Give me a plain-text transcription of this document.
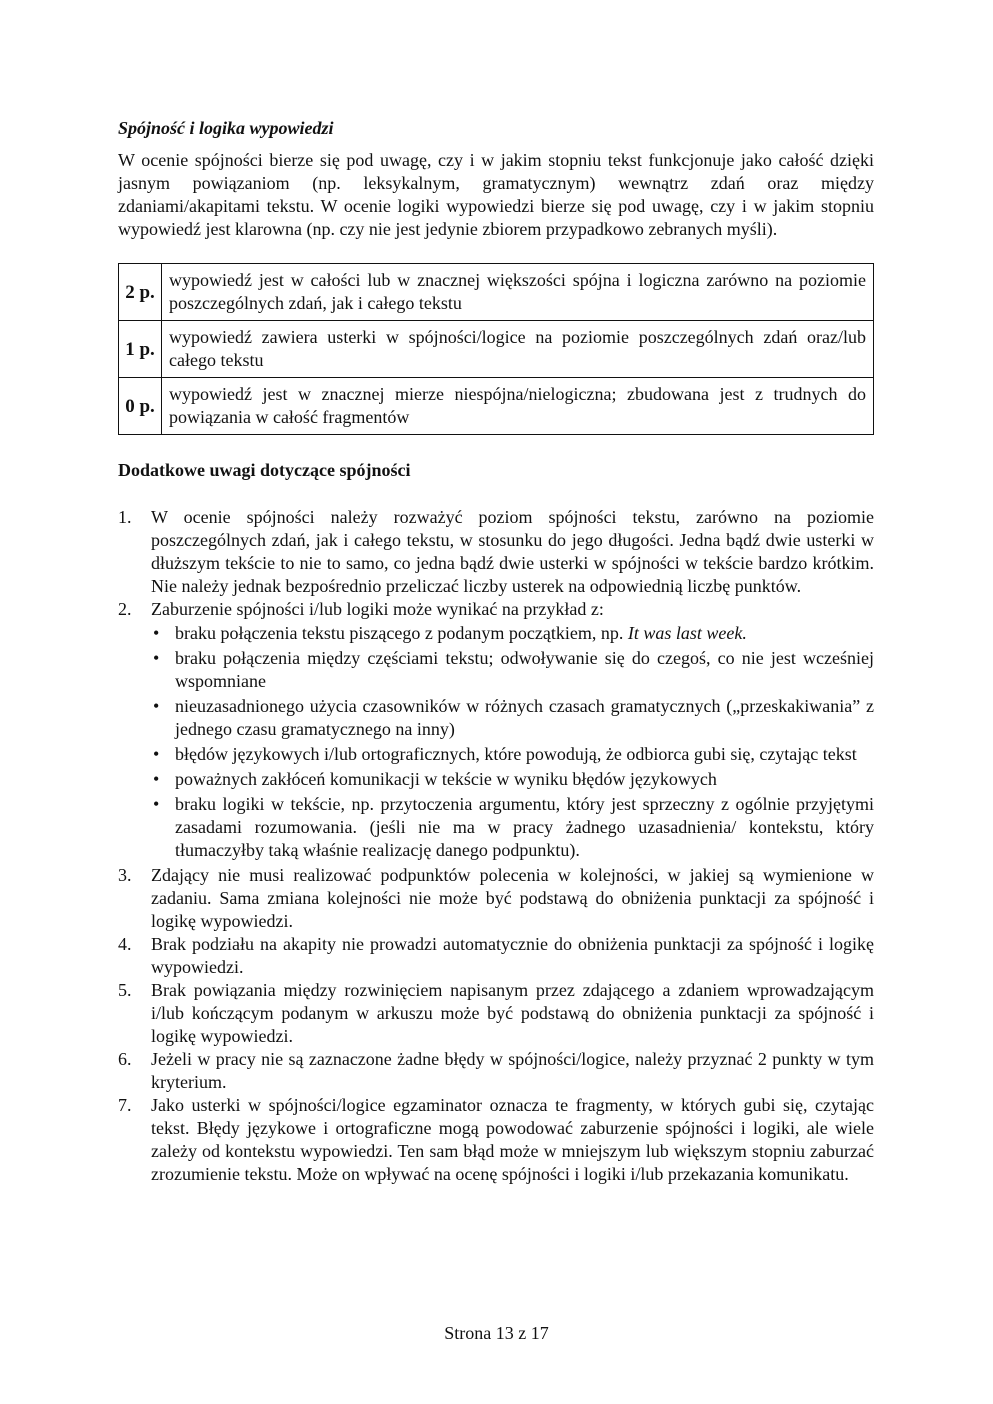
Spójność i logika wypowiedzi

W ocenie spójności bierze się pod uwagę, czy i w jakim stopniu tekst funkcjonuje jako całość dzięki jasnym powiązaniom (np. leksykalnym, gramatycznym) wewnątrz zdań oraz między zdaniami/akapitami tekstu. W ocenie logiki wypowiedzi bierze się pod uwagę, czy i w jakim stopniu wypowiedź jest klarowna (np. czy nie jest jedynie zbiorem przypadkowo zebranych myśli).

2 p.	wypowiedź jest w całości lub w znacznej większości spójna i logiczna zarówno na poziomie poszczególnych zdań, jak i całego tekstu
1 p.	wypowiedź zawiera usterki w spójności/logice na poziomie poszczególnych zdań oraz/lub całego tekstu
0 p.	wypowiedź jest w znacznej mierze niespójna/nielogiczna; zbudowana jest z trudnych do powiązania w całość fragmentów
Dodatkowe uwagi dotyczące spójności
1. W ocenie spójności należy rozważyć poziom spójności tekstu, zarówno na poziomie poszczególnych zdań, jak i całego tekstu, w stosunku do jego długości. Jedna bądź dwie usterki w dłuższym tekście to nie to samo, co jedna bądź dwie usterki w spójności w tekście bardzo krótkim. Nie należy jednak bezpośrednio przeliczać liczby usterek na odpowiednią liczbę punktów.
2. Zaburzenie spójności i/lub logiki może wynikać na przykład z:
• braku połączenia tekstu piszącego z podanym początkiem, np. It was last week.
• braku połączenia między częściami tekstu; odwoływanie się do czegoś, co nie jest wcześniej wspomniane
• nieuzasadnionego użycia czasowników w różnych czasach gramatycznych („przeskakiwania” z jednego czasu gramatycznego na inny)
• błędów językowych i/lub ortograficznych, które powodują, że odbiorca gubi się, czytając tekst
• poważnych zakłóceń komunikacji w tekście w wyniku błędów językowych
• braku logiki w tekście, np. przytoczenia argumentu, który jest sprzeczny z ogólnie przyjętymi zasadami rozumowania. (jeśli nie ma w pracy żadnego uzasadnienia/ kontekstu, który tłumaczyłby taką właśnie realizację danego podpunktu).
3. Zdający nie musi realizować podpunktów polecenia w kolejności, w jakiej są wymienione w zadaniu. Sama zmiana kolejności nie może być podstawą do obniżenia punktacji za spójność i logikę wypowiedzi.
4. Brak podziału na akapity nie prowadzi automatycznie do obniżenia punktacji za spójność i logikę wypowiedzi.
5. Brak powiązania między rozwinięciem napisanym przez zdającego a zdaniem wprowadzającym i/lub kończącym podanym w arkuszu może być podstawą do obniżenia punktacji za spójność i logikę wypowiedzi.
6. Jeżeli w pracy nie są zaznaczone żadne błędy w spójności/logice, należy przyznać 2 punkty w tym kryterium.
7. Jako usterki w spójności/logice egzaminator oznacza te fragmenty, w których gubi się, czytając tekst. Błędy językowe i ortograficzne mogą powodować zaburzenie spójności i logiki, ale wiele zależy od kontekstu wypowiedzi. Ten sam błąd może w mniejszym lub większym stopniu zaburzać zrozumienie tekstu. Może on wpływać na ocenę spójności i logiki i/lub przekazania komunikatu.
Strona 13 z 17
